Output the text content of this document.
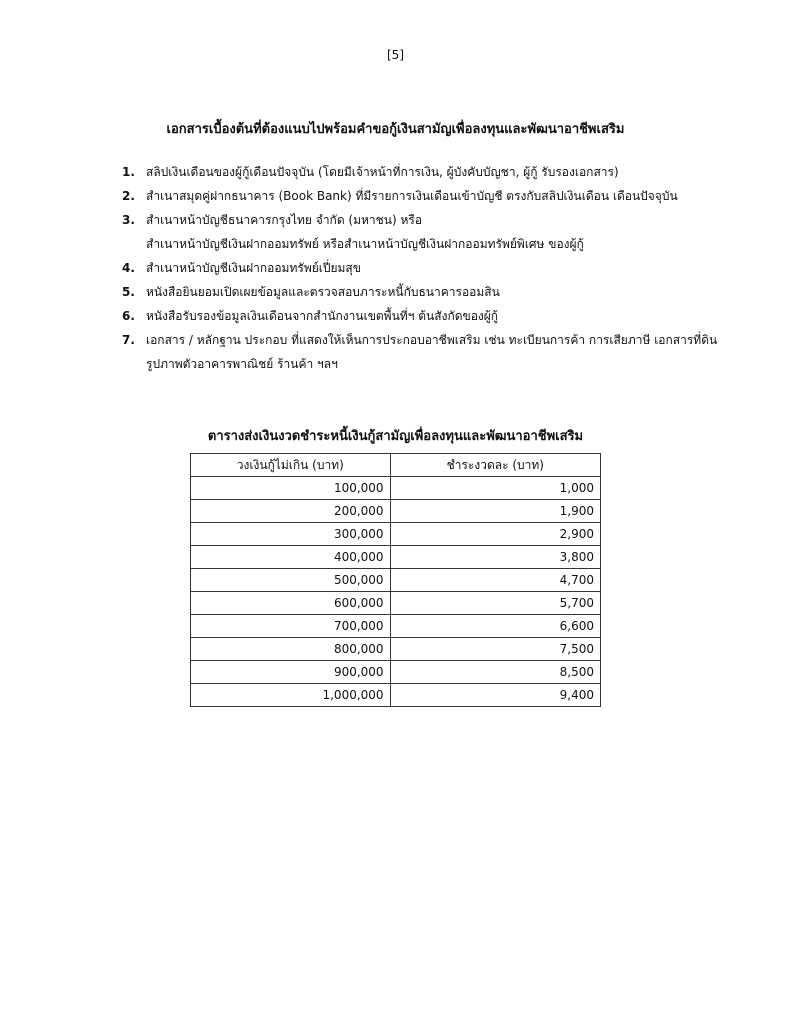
[5]
เอกสารเบื้องต้นที่ต้องแนบไปพร้อมคำขอกู้เงินสามัญเพื่อลงทุนและพัฒนาอาชีพเสริม
1. สลิปเงินเดือนของผู้กู้เดือนปัจจุบัน (โดยมีเจ้าหน้าที่การเงิน, ผู้บังคับบัญชา, ผู้กู้ รับรองเอกสาร)
2. สำเนาสมุดคู่ฝากธนาคาร (Book Bank) ที่มีรายการเงินเดือนเข้าบัญชี ตรงกับสลิปเงินเดือน เดือนปัจจุบัน
3. สำเนาหน้าบัญชีธนาคารกรุงไทย จำกัด (มหาชน) หรือ
สำเนาหน้าบัญชีเงินฝากออมทรัพย์ หรือสำเนาหน้าบัญชีเงินฝากออมทรัพย์พิเศษ ของผู้กู้
4. สำเนาหน้าบัญชีเงินฝากออมทรัพย์เปี่ยมสุข
5. หนังสือยินยอมเปิดเผยข้อมูลและตรวจสอบภาระหนี้กับธนาคารออมสิน
6. หนังสือรับรองข้อมูลเงินเดือนจากสำนักงานเขตพื้นที่ฯ ต้นสังกัดของผู้กู้
7. เอกสาร / หลักฐาน ประกอบ ที่แสดงให้เห็นการประกอบอาชีพเสริม เช่น ทะเบียนการค้า การเสียภาษี เอกสารที่ดิน
รูปภาพตัวอาคารพาณิชย์ ร้านค้า ฯลฯ
ตารางส่งเงินงวดชำระหนี้เงินกู้สามัญเพื่อลงทุนและพัฒนาอาชีพเสริม
วงเงินกู้ไม่เกิน (บาท)	ชำระงวดละ (บาท)
100,000	1,000
200,000	1,900
300,000	2,900
400,000	3,800
500,000	4,700
600,000	5,700
700,000	6,600
800,000	7,500
900,000	8,500
1,000,000	9,400
